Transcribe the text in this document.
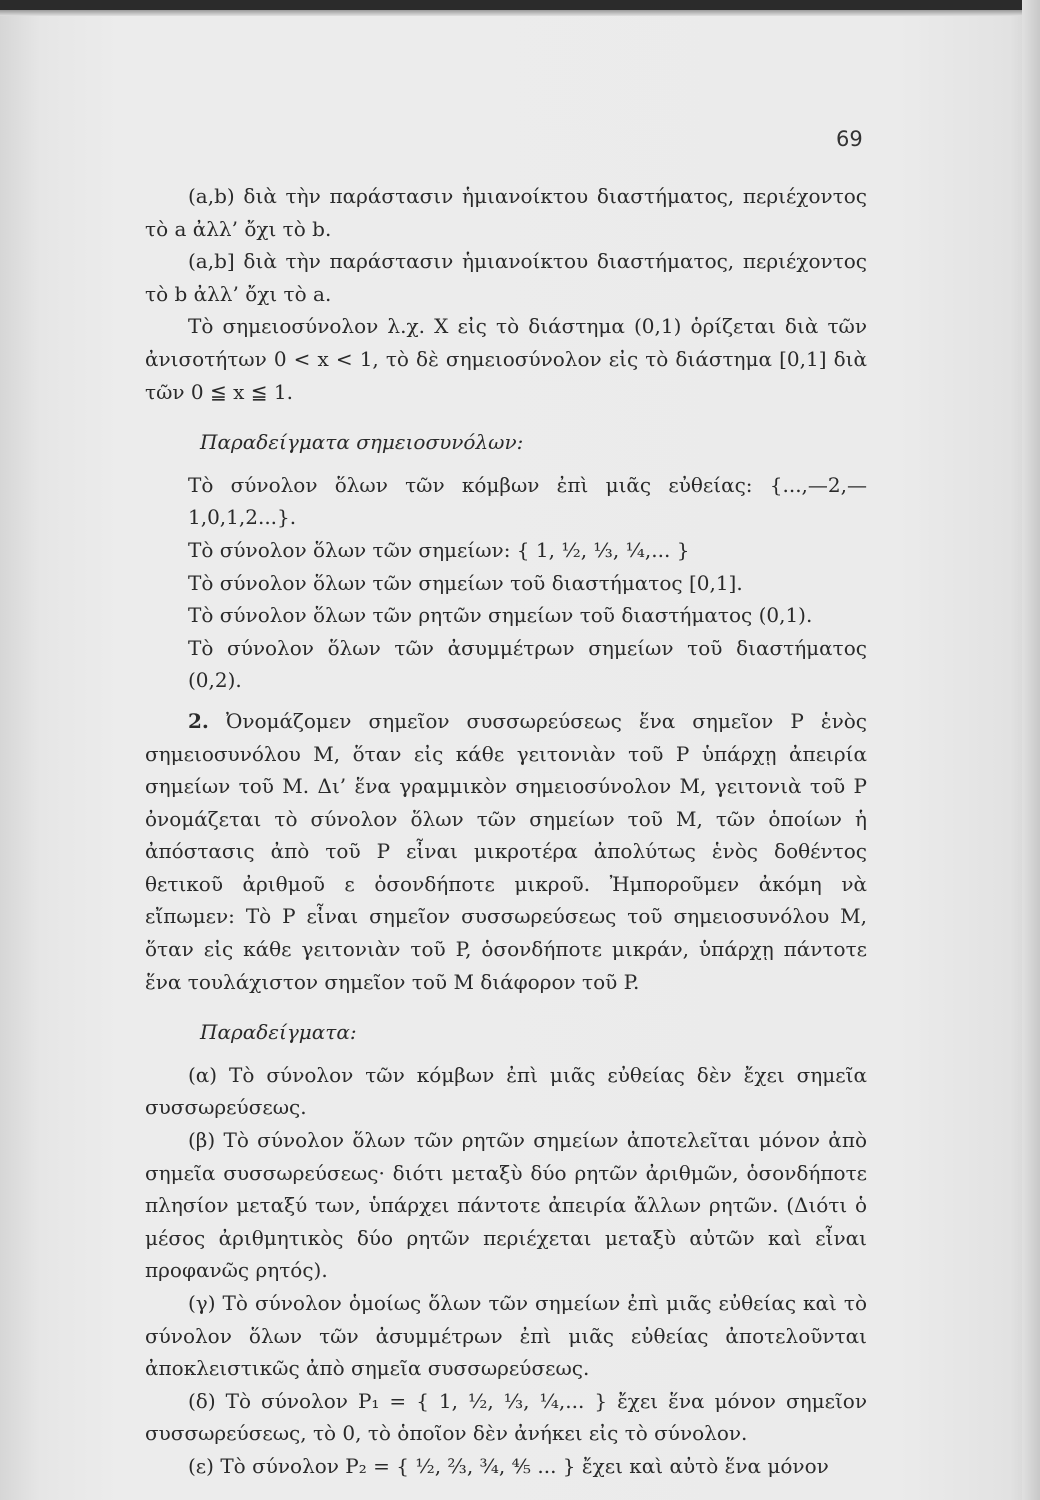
69

(a,b) διὰ τὴν παράστασιν ἡμιανοίκτου διαστήματος, περιέχοντος τὸ a ἀλλ’ ὄχι τὸ b.

(a,b] διὰ τὴν παράστασιν ἡμιανοίκτου διαστήματος, περιέχοντος τὸ b ἀλλ’ ὄχι τὸ a.

Τὸ σημειοσύνολον λ.χ. X εἰς τὸ διάστημα (0,1) ὁρίζεται διὰ τῶν ἀνισοτήτων 0 < x < 1, τὸ δὲ σημειοσύνολον εἰς τὸ διάστημα [0,1] διὰ τῶν 0 ≦ x ≦ 1.

Παραδείγματα σημειοσυνόλων:

Τὸ σύνολον ὅλων τῶν κόμβων ἐπὶ μιᾶς εὐθείας: {...,—2,—1,0,1,2...}.

Τὸ σύνολον ὅλων τῶν σημείων: { 1, ½, ⅓, ¼,... }

Τὸ σύνολον ὅλων τῶν σημείων τοῦ διαστήματος [0,1].

Τὸ σύνολον ὅλων τῶν ρητῶν σημείων τοῦ διαστήματος (0,1).

Τὸ σύνολον ὅλων τῶν ἀσυμμέτρων σημείων τοῦ διαστήματος (0,2).

2. Ὀνομάζομεν σημεῖον συσσωρεύσεως ἕνα σημεῖον P ἑνὸς σημειοσυνόλου M, ὅταν εἰς κάθε γειτονιὰν τοῦ P ὑπάρχῃ ἀπειρία σημείων τοῦ M. Δι’ ἕνα γραμμικὸν σημειοσύνολον M, γειτονιὰ τοῦ P ὀνομάζεται τὸ σύνολον ὅλων τῶν σημείων τοῦ M, τῶν ὁποίων ἡ ἀπόστασις ἀπὸ τοῦ P εἶναι μικροτέρα ἀπολύτως ἑνὸς δοθέντος θετικοῦ ἀριθμοῦ ε ὁσονδήποτε μικροῦ. Ἠμποροῦμεν ἀκόμη νὰ εἴπωμεν: Τὸ P εἶναι σημεῖον συσσωρεύσεως τοῦ σημειοσυνόλου M, ὅταν εἰς κάθε γειτονιὰν τοῦ P, ὁσονδήποτε μικράν, ὑπάρχῃ πάντοτε ἕνα τουλάχιστον σημεῖον τοῦ M διάφορον τοῦ P.

Παραδείγματα:

(α) Τὸ σύνολον τῶν κόμβων ἐπὶ μιᾶς εὐθείας δὲν ἔχει σημεῖα συσσωρεύσεως.

(β) Τὸ σύνολον ὅλων τῶν ρητῶν σημείων ἀποτελεῖται μόνον ἀπὸ σημεῖα συσσωρεύσεως· διότι μεταξὺ δύο ρητῶν ἀριθμῶν, ὁσονδήποτε πλησίον μεταξύ των, ὑπάρχει πάντοτε ἀπειρία ἄλλων ρητῶν. (Διότι ὁ μέσος ἀριθμητικὸς δύο ρητῶν περιέχεται μεταξὺ αὐτῶν καὶ εἶναι προφανῶς ρητός).

(γ) Τὸ σύνολον ὁμοίως ὅλων τῶν σημείων ἐπὶ μιᾶς εὐθείας καὶ τὸ σύνολον ὅλων τῶν ἀσυμμέτρων ἐπὶ μιᾶς εὐθείας ἀποτελοῦνται ἀποκλειστικῶς ἀπὸ σημεῖα συσσωρεύσεως.

(δ) Τὸ σύνολον P₁ = { 1, ½, ⅓, ¼,... } ἔχει ἕνα μόνον σημεῖον συσσωρεύσεως, τὸ 0, τὸ ὁποῖον δὲν ἀνήκει εἰς τὸ σύνολον.

(ε) Τὸ σύνολον P₂ = { ½, ⅔, ¾, ⅘ ... } ἔχει καὶ αὐτὸ ἕνα μόνον
